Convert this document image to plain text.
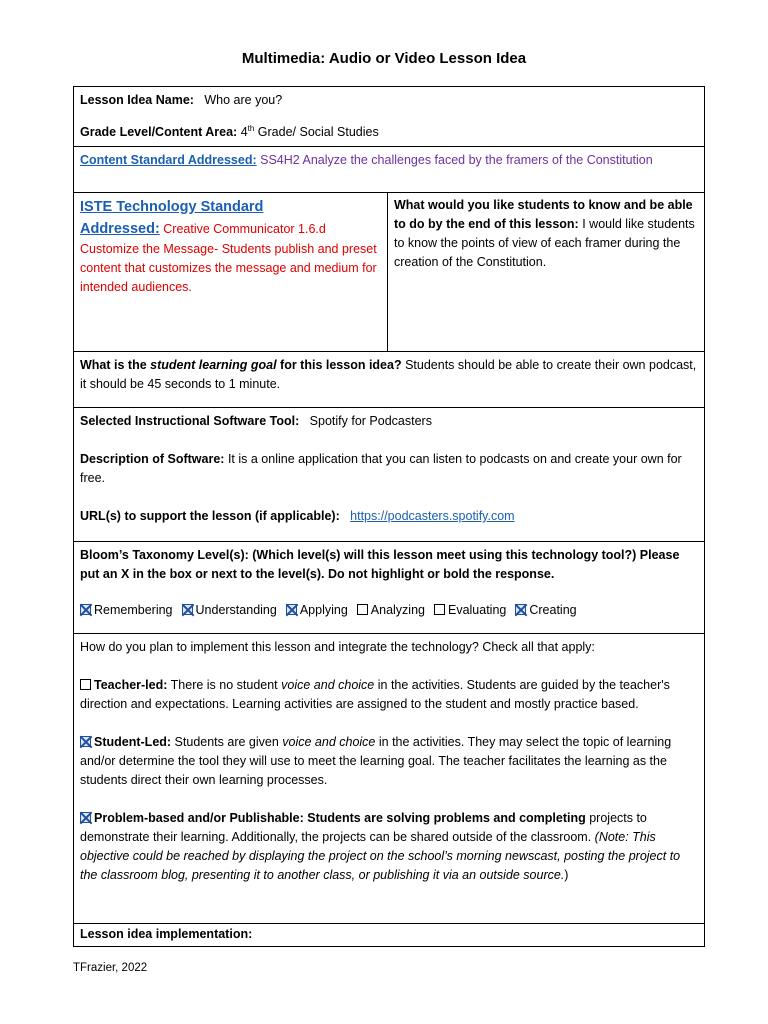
Multimedia: Audio or Video Lesson Idea
Lesson Idea Name: Who are you?
Grade Level/Content Area: 4th Grade/ Social Studies
Content Standard Addressed: SS4H2 Analyze the challenges faced by the framers of the Constitution
ISTE Technology Standard
Addressed: Creative Communicator 1.6.d
Customize the Message- Students publish and preset content that customizes the message and medium for intended audiences.
What would you like students to know and be able to do by the end of this lesson: I would like students to know the points of view of each framer during the creation of the Constitution.
What is the student learning goal for this lesson idea? Students should be able to create their own podcast, it should be 45 seconds to 1 minute.
Selected Instructional Software Tool: Spotify for Podcasters
Description of Software: It is a online application that you can listen to podcasts on and create your own for free.
URL(s) to support the lesson (if applicable): https://podcasters.spotify.com
Bloom’s Taxonomy Level(s): (Which level(s) will this lesson meet using this technology tool?) Please put an X in the box or next to the level(s). Do not highlight or bold the response.
Remembering	Understanding	Applying	Analyzing	Evaluating	Creating
How do you plan to implement this lesson and integrate the technology? Check all that apply:
Teacher-led: There is no student voice and choice in the activities. Students are guided by the teacher's direction and expectations. Learning activities are assigned to the student and mostly practice based.
Student-Led: Students are given voice and choice in the activities. They may select the topic of learning and/or determine the tool they will use to meet the learning goal. The teacher facilitates the learning as the students direct their own learning processes.
Problem-based and/or Publishable: Students are solving problems and completing projects to demonstrate their learning. Additionally, the projects can be shared outside of the classroom. (Note: This objective could be reached by displaying the project on the school’s morning newscast, posting the project to the classroom blog, presenting it to another class, or publishing it via an outside source.)
Lesson idea implementation:
TFrazier, 2022
